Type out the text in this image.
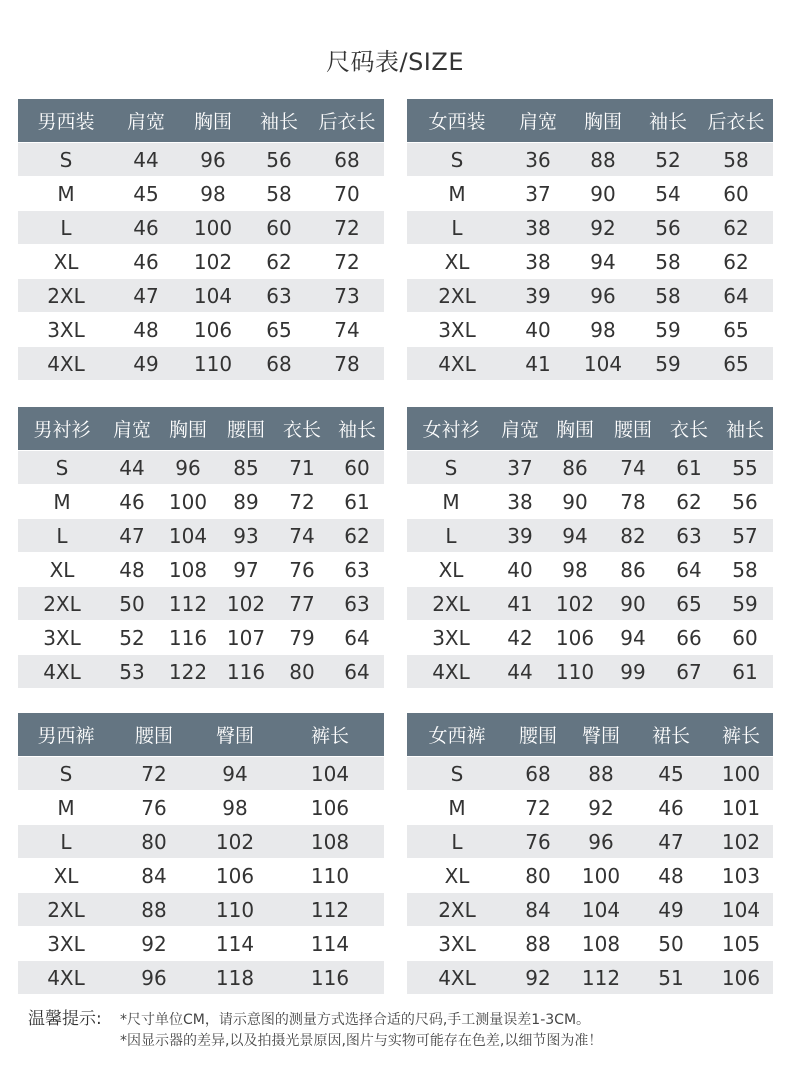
尺码表/SIZE
男西装	肩宽	胸围	袖长	后衣长
S	44	96	56	68
M	45	98	58	70
L	46	100	60	72
XL	46	102	62	72
2XL	47	104	63	73
3XL	48	106	65	74
4XL	49	110	68	78
女西装	肩宽	胸围	袖长	后衣长
S	36	88	52	58
M	37	90	54	60
L	38	92	56	62
XL	38	94	58	62
2XL	39	96	58	64
3XL	40	98	59	65
4XL	41	104	59	65
男衬衫	肩宽	胸围	腰围	衣长	袖长
S	44	96	85	71	60
M	46	100	89	72	61
L	47	104	93	74	62
XL	48	108	97	76	63
2XL	50	112	102	77	63
3XL	52	116	107	79	64
4XL	53	122	116	80	64
女衬衫	肩宽	胸围	腰围	衣长	袖长
S	37	86	74	61	55
M	38	90	78	62	56
L	39	94	82	63	57
XL	40	98	86	64	58
2XL	41	102	90	65	59
3XL	42	106	94	66	60
4XL	44	110	99	67	61
男西裤	腰围	臀围	裤长
S	72	94	104
M	76	98	106
L	80	102	108
XL	84	106	110
2XL	88	110	112
3XL	92	114	114
4XL	96	118	116
女西裤	腰围	臀围	裙长	裤长
S	68	88	45	100
M	72	92	46	101
L	76	96	47	102
XL	80	100	48	103
2XL	84	104	49	104
3XL	88	108	50	105
4XL	92	112	51	106
温馨提示:	*尺寸单位CM，请示意图的测量方式选择合适的尺码,手工测量误差1-3CM。
*因显示器的差异,以及拍摄光景原因,图片与实物可能存在色差,以细节图为准！
